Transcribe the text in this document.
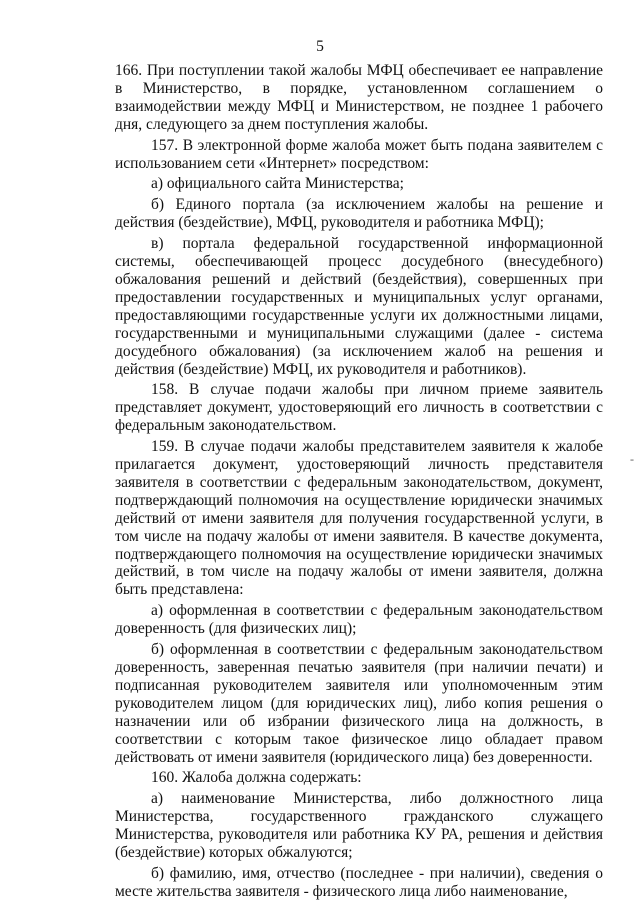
5

166. При поступлении такой жалобы МФЦ обеспечивает ее направление в Министерство, в порядке, установленном соглашением о взаимодействии между МФЦ и Министерством, не позднее 1 рабочего дня, следующего за днем поступления жалобы.

157. В электронной форме жалоба может быть подана заявителем с использованием сети «Интернет» посредством:

а) официального сайта Министерства;

б) Единого портала (за исключением жалобы на решение и действия (бездействие), МФЦ, руководителя и работника МФЦ);

в) портала федеральной государственной информационной системы, обеспечивающей процесс досудебного (внесудебного) обжалования решений и действий (бездействия), совершенных при предоставлении государственных и муниципальных услуг органами, предоставляющими государственные услуги их должностными лицами, государственными и муниципальными служащими (далее - система досудебного обжалования) (за исключением жалоб на решения и действия (бездействие) МФЦ, их руководителя и работников).

158. В случае подачи жалобы при личном приеме заявитель представляет документ, удостоверяющий его личность в соответствии с федеральным законодательством.

159. В случае подачи жалобы представителем заявителя к жалобе прилагается документ, удостоверяющий личность представителя заявителя в соответствии с федеральным законодательством, документ, подтверждающий полномочия на осуществление юридически значимых действий от имени заявителя для получения государственной услуги, в том числе на подачу жалобы от имени заявителя. В качестве документа, подтверждающего полномочия на осуществление юридически значимых действий, в том числе на подачу жалобы от имени заявителя, должна быть представлена:

а) оформленная в соответствии с федеральным законодательством доверенность (для физических лиц);

б) оформленная в соответствии с федеральным законодательством доверенность, заверенная печатью заявителя (при наличии печати) и подписанная руководителем заявителя или уполномоченным этим руководителем лицом (для юридических лиц), либо копия решения о назначении или об избрании физического лица на должность, в соответствии с которым такое физическое лицо обладает правом действовать от имени заявителя (юридического лица) без доверенности.

160. Жалоба должна содержать:

а) наименование Министерства, либо должностного лица Министерства, государственного гражданского служащего Министерства, руководителя или работника КУ РА, решения и действия (бездействие) которых обжалуются;

б) фамилию, имя, отчество (последнее - при наличии), сведения о месте жительства заявителя - физического лица либо наименование,

-
